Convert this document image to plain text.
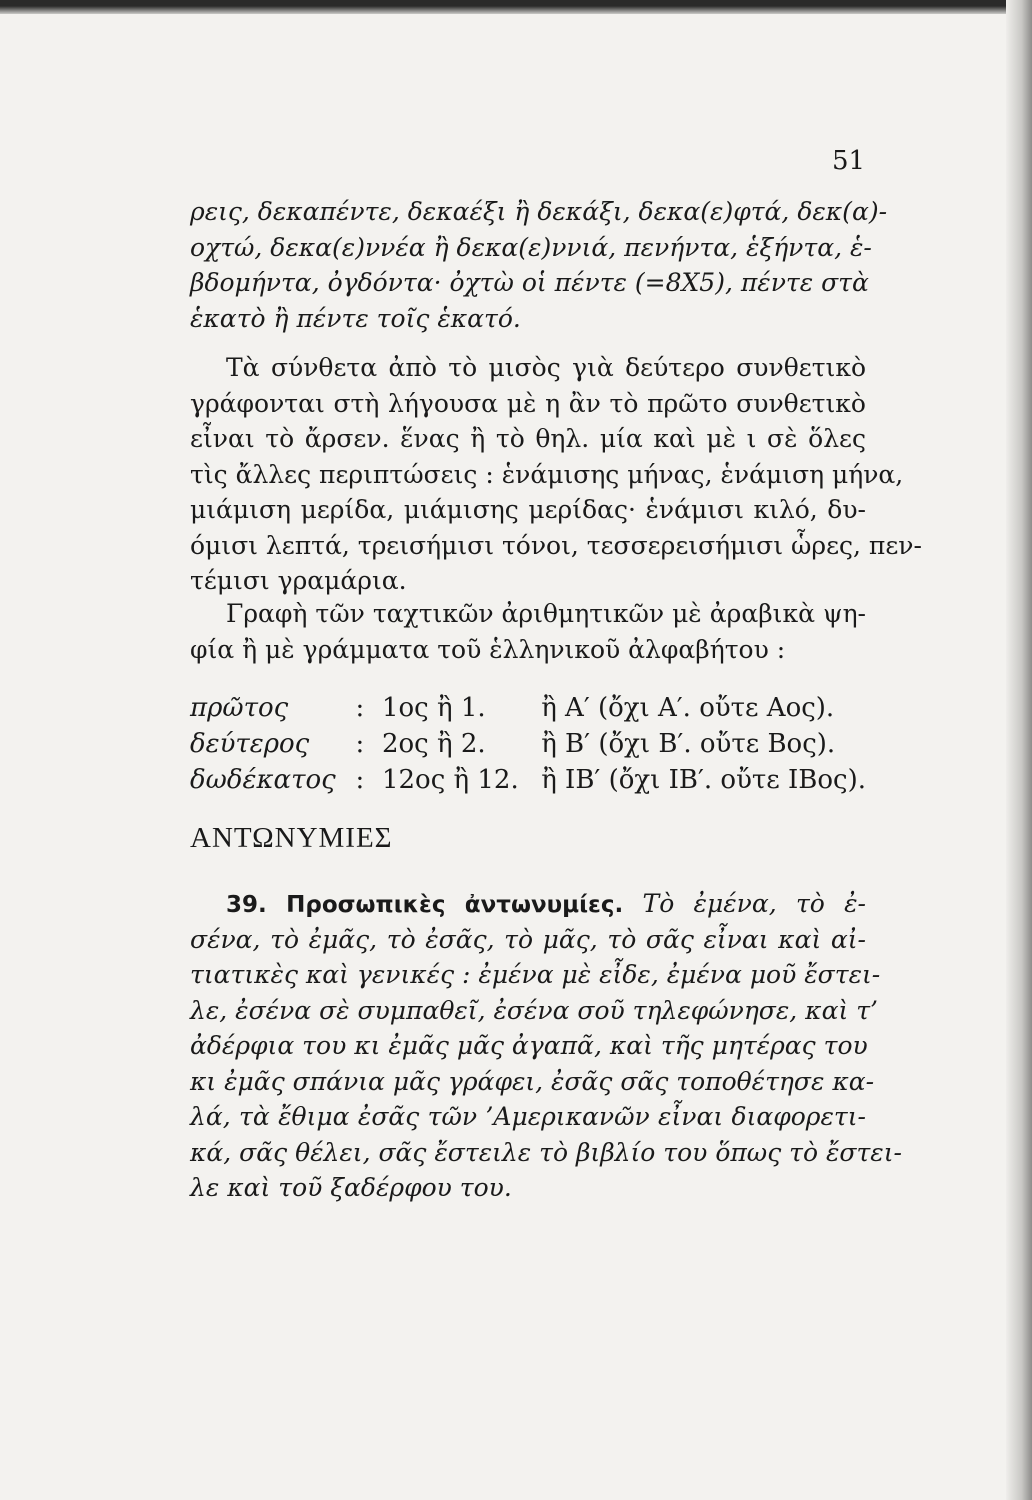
51
ρεις, δεκαπέντε, δεκαέξι ἢ δεκάξι, δεκα(ε)φτά, δεκ(α)-
οχτώ, δεκα(ε)ννέα ἢ δεκα(ε)ννιά, πενήντα, ἑξήντα, ἑ-
βδομήντα, ὀγδόντα· ὀχτὼ οἱ πέντε (=8X5), πέντε στὰ
ἑκατὸ ἢ πέντε τοῖς ἑκατό.
Τὰ σύνθετα ἀπὸ τὸ μισὸς γιὰ δεύτερο συνθετικὸ
γράφονται στὴ λήγουσα μὲ η ἂν τὸ πρῶτο συνθετικὸ
εἶναι τὸ ἄρσεν. ἕνας ἢ τὸ θηλ. μία καὶ μὲ ι σὲ ὅλες
τὶς ἄλλες περιπτώσεις : ἑνάμισης μήνας, ἑνάμιση μήνα,
μιάμιση μερίδα, μιάμισης μερίδας· ἑνάμισι κιλό, δυ-
όμισι λεπτά, τρεισήμισι τόνοι, τεσσερεισήμισι ὧρες, πεν-
τέμισι γραμάρια.
Γραφὴ τῶν ταχτικῶν ἀριθμητικῶν μὲ ἀραβικὰ ψη-
φία ἢ μὲ γράμματα τοῦ ἑλληνικοῦ ἀλφαβήτου :
πρῶτος	:	1ος ἢ 1.	ἢ Α′ (ὄχι Α′. οὔτε Αος).
δεύτερος	:	2ος ἢ 2.	ἢ Β′ (ὄχι Β′. οὔτε Βος).
δωδέκατος	:	12ος ἢ 12.	ἢ ΙΒ′ (ὄχι ΙΒ′. οὔτε ΙΒος).
ΑΝΤΩΝΥΜΙΕΣ
39. Προσωπικὲς ἀντωνυμίες. Τὸ ἐμένα, τὸ ἐ-
σένα, τὸ ἐμᾶς, τὸ ἐσᾶς, τὸ μᾶς, τὸ σᾶς εἶναι καὶ αἰ-
τιατικὲς καὶ γενικές : ἐμένα μὲ εἶδε, ἐμένα μοῦ ἔστει-
λε, ἐσένα σὲ συμπαθεῖ, ἐσένα σοῦ τηλεφώνησε, καὶ τ’
ἀδέρφια του κι ἐμᾶς μᾶς ἀγαπᾶ, καὶ τῆς μητέρας του
κι ἐμᾶς σπάνια μᾶς γράφει, ἐσᾶς σᾶς τοποθέτησε κα-
λά, τὰ ἔθιμα ἐσᾶς τῶν ’Αμερικανῶν εἶναι διαφορετι-
κά, σᾶς θέλει, σᾶς ἔστειλε τὸ βιβλίο του ὅπως τὸ ἔστει-
λε καὶ τοῦ ξαδέρφου του.
